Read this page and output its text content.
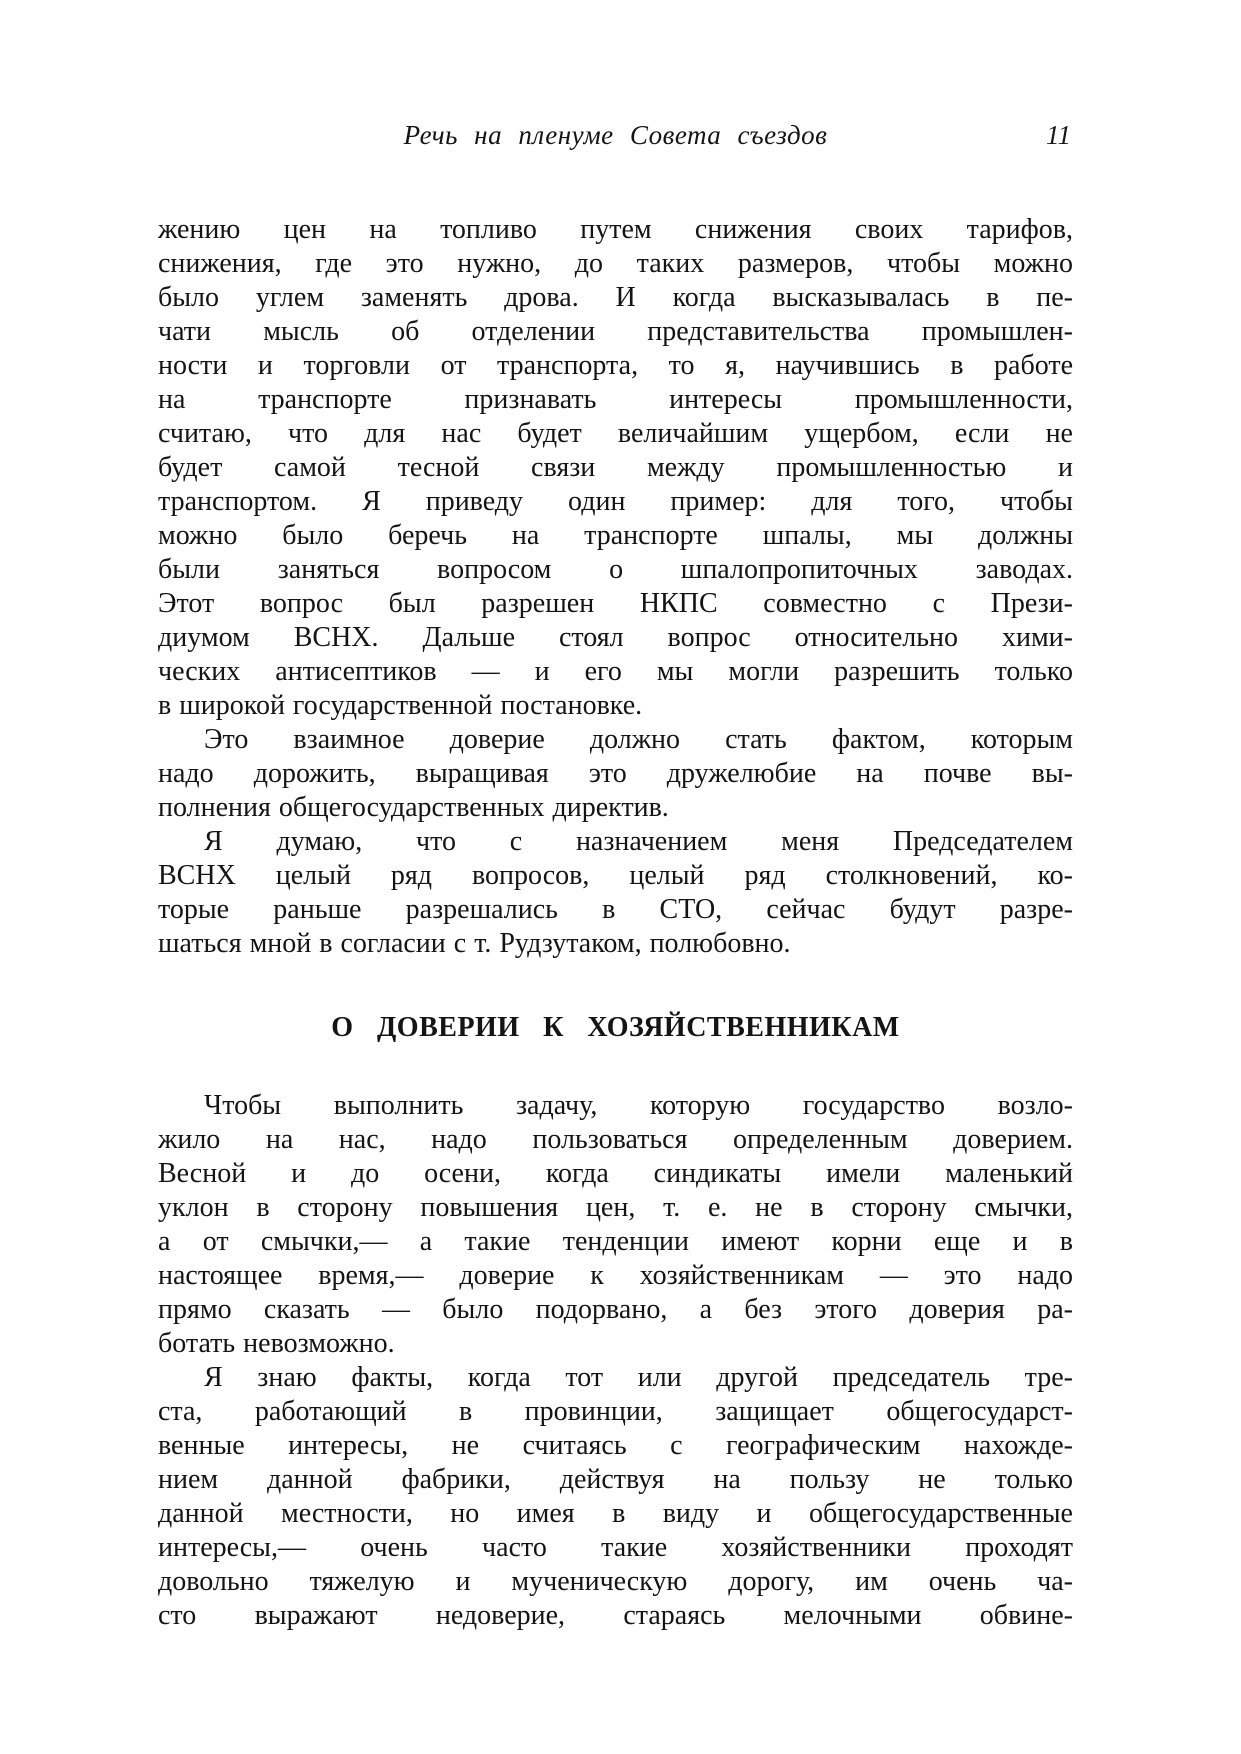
Речь на пленуме Совета съездов	11
жению цен на топливо путем снижения своих тарифов,
снижения, где это нужно, до таких размеров, чтобы можно
было углем заменять дрова. И когда высказывалась в пе-
чати мысль об отделении представительства промышлен-
ности и торговли от транспорта, то я, научившись в работе
на транспорте признавать интересы промышленности,
считаю, что для нас будет величайшим ущербом, если не
будет самой тесной связи между промышленностью и
транспортом. Я приведу один пример: для того, чтобы
можно было беречь на транспорте шпалы, мы должны
были заняться вопросом о шпалопропиточных заводах.
Этот вопрос был разрешен НКПС совместно с Прези-
диумом ВСНХ. Дальше стоял вопрос относительно хими-
ческих антисептиков — и его мы могли разрешить только
в широкой государственной постановке.
Это взаимное доверие должно стать фактом, которым
надо дорожить, выращивая это дружелюбие на почве вы-
полнения общегосударственных директив.
Я думаю, что с назначением меня Председателем
ВСНХ целый ряд вопросов, целый ряд столкновений, ко-
торые раньше разрешались в СТО, сейчас будут разре-
шаться мной в согласии с т. Рудзутаком, полюбовно.
О ДОВЕРИИ К ХОЗЯЙСТВЕННИКАМ
Чтобы выполнить задачу, которую государство возло-
жило на нас, надо пользоваться определенным доверием.
Весной и до осени, когда синдикаты имели маленький
уклон в сторону повышения цен, т. е. не в сторону смычки,
а от смычки,— а такие тенденции имеют корни еще и в
настоящее время,— доверие к хозяйственникам — это надо
прямо сказать — было подорвано, а без этого доверия ра-
ботать невозможно.
Я знаю факты, когда тот или другой председатель тре-
ста, работающий в провинции, защищает общегосударст-
венные интересы, не считаясь с географическим нахожде-
нием данной фабрики, действуя на пользу не только
данной местности, но имея в виду и общегосударственные
интересы,— очень часто такие хозяйственники проходят
довольно тяжелую и мученическую дорогу, им очень ча-
сто выражают недоверие, стараясь мелочными обвине-
